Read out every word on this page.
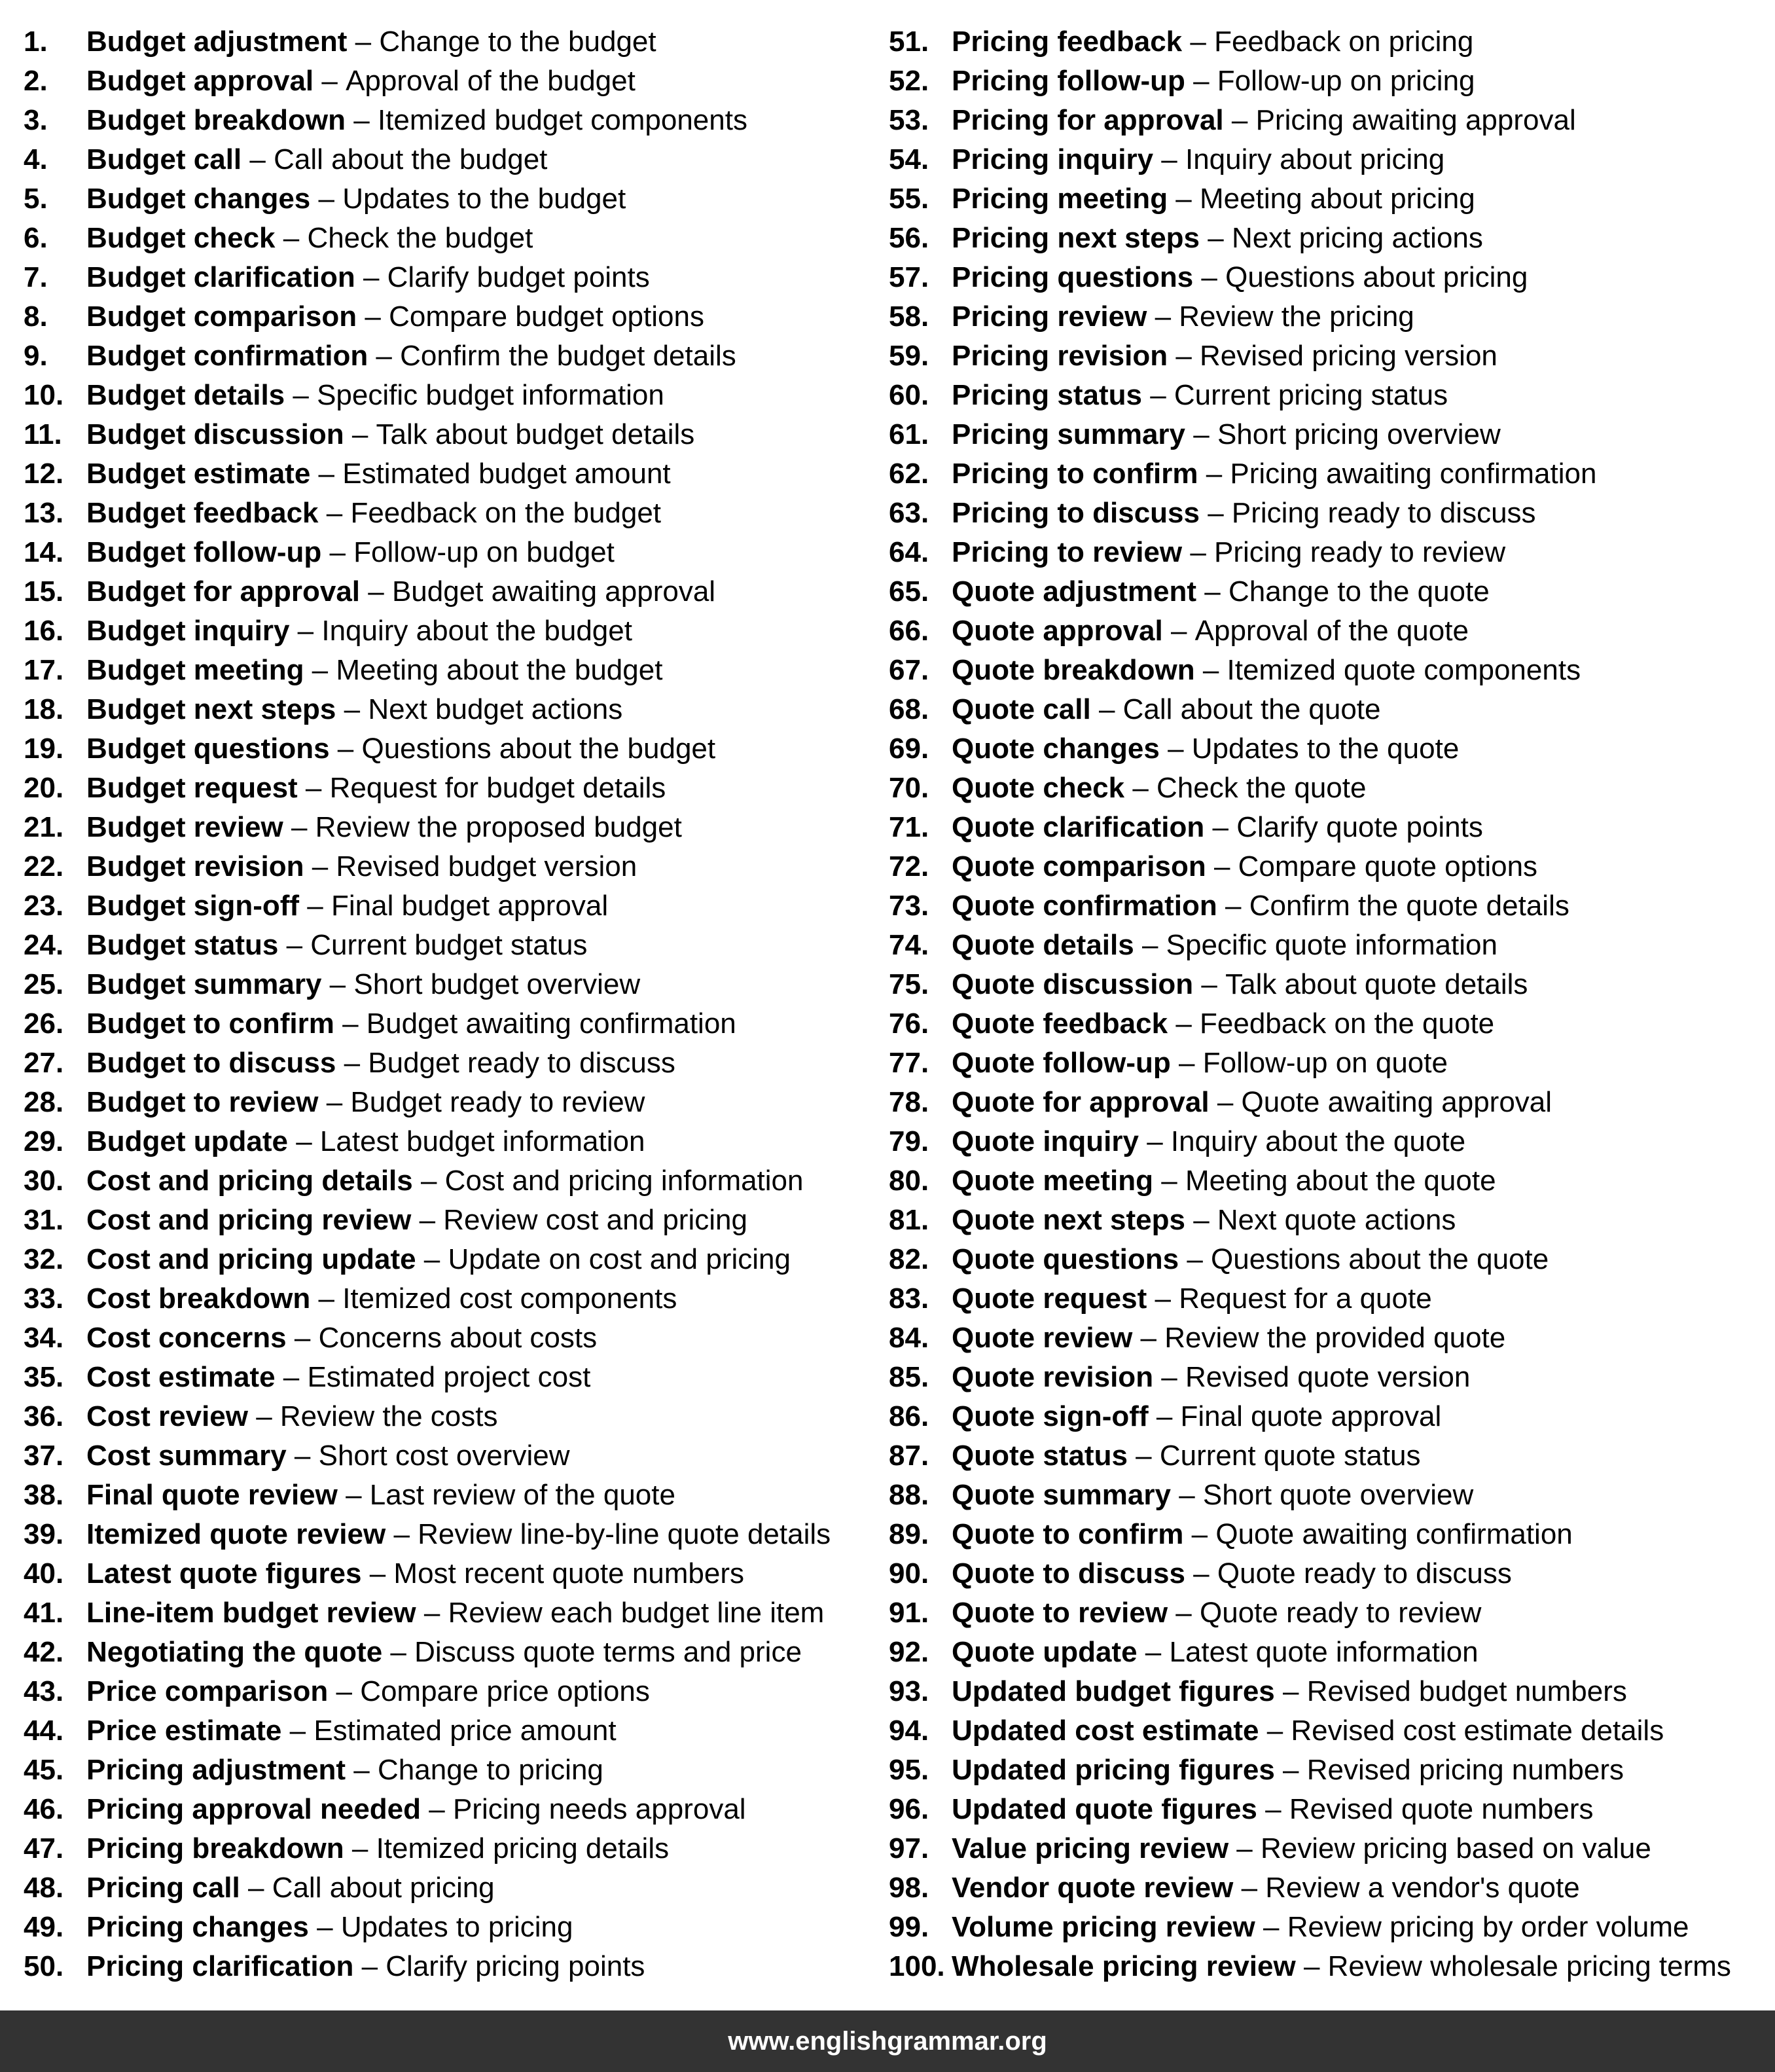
1.	Budget adjustment – Change to the budget
2.	Budget approval – Approval of the budget
3.	Budget breakdown – Itemized budget components
4.	Budget call – Call about the budget
5.	Budget changes – Updates to the budget
6.	Budget check – Check the budget
7.	Budget clarification – Clarify budget points
8.	Budget comparison – Compare budget options
9.	Budget confirmation – Confirm the budget details
10. Budget details – Specific budget information
11. Budget discussion – Talk about budget details
12. Budget estimate – Estimated budget amount
13. Budget feedback – Feedback on the budget
14. Budget follow-up – Follow-up on budget
15. Budget for approval – Budget awaiting approval
16. Budget inquiry – Inquiry about the budget
17. Budget meeting – Meeting about the budget
18. Budget next steps – Next budget actions
19. Budget questions – Questions about the budget
20. Budget request – Request for budget details
21. Budget review – Review the proposed budget
22. Budget revision – Revised budget version
23. Budget sign-off – Final budget approval
24. Budget status – Current budget status
25. Budget summary – Short budget overview
26. Budget to confirm – Budget awaiting confirmation
27. Budget to discuss – Budget ready to discuss
28. Budget to review – Budget ready to review
29. Budget update – Latest budget information
30. Cost and pricing details – Cost and pricing information
31. Cost and pricing review – Review cost and pricing
32. Cost and pricing update – Update on cost and pricing
33. Cost breakdown – Itemized cost components
34. Cost concerns – Concerns about costs
35. Cost estimate – Estimated project cost
36. Cost review – Review the costs
37. Cost summary – Short cost overview
38. Final quote review – Last review of the quote
39. Itemized quote review – Review line-by-line quote details
40. Latest quote figures – Most recent quote numbers
41. Line-item budget review – Review each budget line item
42. Negotiating the quote – Discuss quote terms and price
43. Price comparison – Compare price options
44. Price estimate – Estimated price amount
45. Pricing adjustment – Change to pricing
46. Pricing approval needed – Pricing needs approval
47. Pricing breakdown – Itemized pricing details
48. Pricing call – Call about pricing
49. Pricing changes – Updates to pricing
50. Pricing clarification – Clarify pricing points
51. Pricing feedback – Feedback on pricing
52. Pricing follow-up – Follow-up on pricing
53. Pricing for approval – Pricing awaiting approval
54. Pricing inquiry – Inquiry about pricing
55. Pricing meeting – Meeting about pricing
56. Pricing next steps – Next pricing actions
57. Pricing questions – Questions about pricing
58. Pricing review – Review the pricing
59. Pricing revision – Revised pricing version
60. Pricing status – Current pricing status
61. Pricing summary – Short pricing overview
62. Pricing to confirm – Pricing awaiting confirmation
63. Pricing to discuss – Pricing ready to discuss
64. Pricing to review – Pricing ready to review
65. Quote adjustment – Change to the quote
66. Quote approval – Approval of the quote
67. Quote breakdown – Itemized quote components
68. Quote call – Call about the quote
69. Quote changes – Updates to the quote
70. Quote check – Check the quote
71. Quote clarification – Clarify quote points
72. Quote comparison – Compare quote options
73. Quote confirmation – Confirm the quote details
74. Quote details – Specific quote information
75. Quote discussion – Talk about quote details
76. Quote feedback – Feedback on the quote
77. Quote follow-up – Follow-up on quote
78. Quote for approval – Quote awaiting approval
79. Quote inquiry – Inquiry about the quote
80. Quote meeting – Meeting about the quote
81. Quote next steps – Next quote actions
82. Quote questions – Questions about the quote
83. Quote request – Request for a quote
84. Quote review – Review the provided quote
85. Quote revision – Revised quote version
86. Quote sign-off – Final quote approval
87. Quote status – Current quote status
88. Quote summary – Short quote overview
89. Quote to confirm – Quote awaiting confirmation
90. Quote to discuss – Quote ready to discuss
91. Quote to review – Quote ready to review
92. Quote update – Latest quote information
93. Updated budget figures – Revised budget numbers
94. Updated cost estimate – Revised cost estimate details
95. Updated pricing figures – Revised pricing numbers
96. Updated quote figures – Revised quote numbers
97. Value pricing review – Review pricing based on value
98. Vendor quote review – Review a vendor's quote
99. Volume pricing review – Review pricing by order volume
100. Wholesale pricing review – Review wholesale pricing terms
www.englishgrammar.org
